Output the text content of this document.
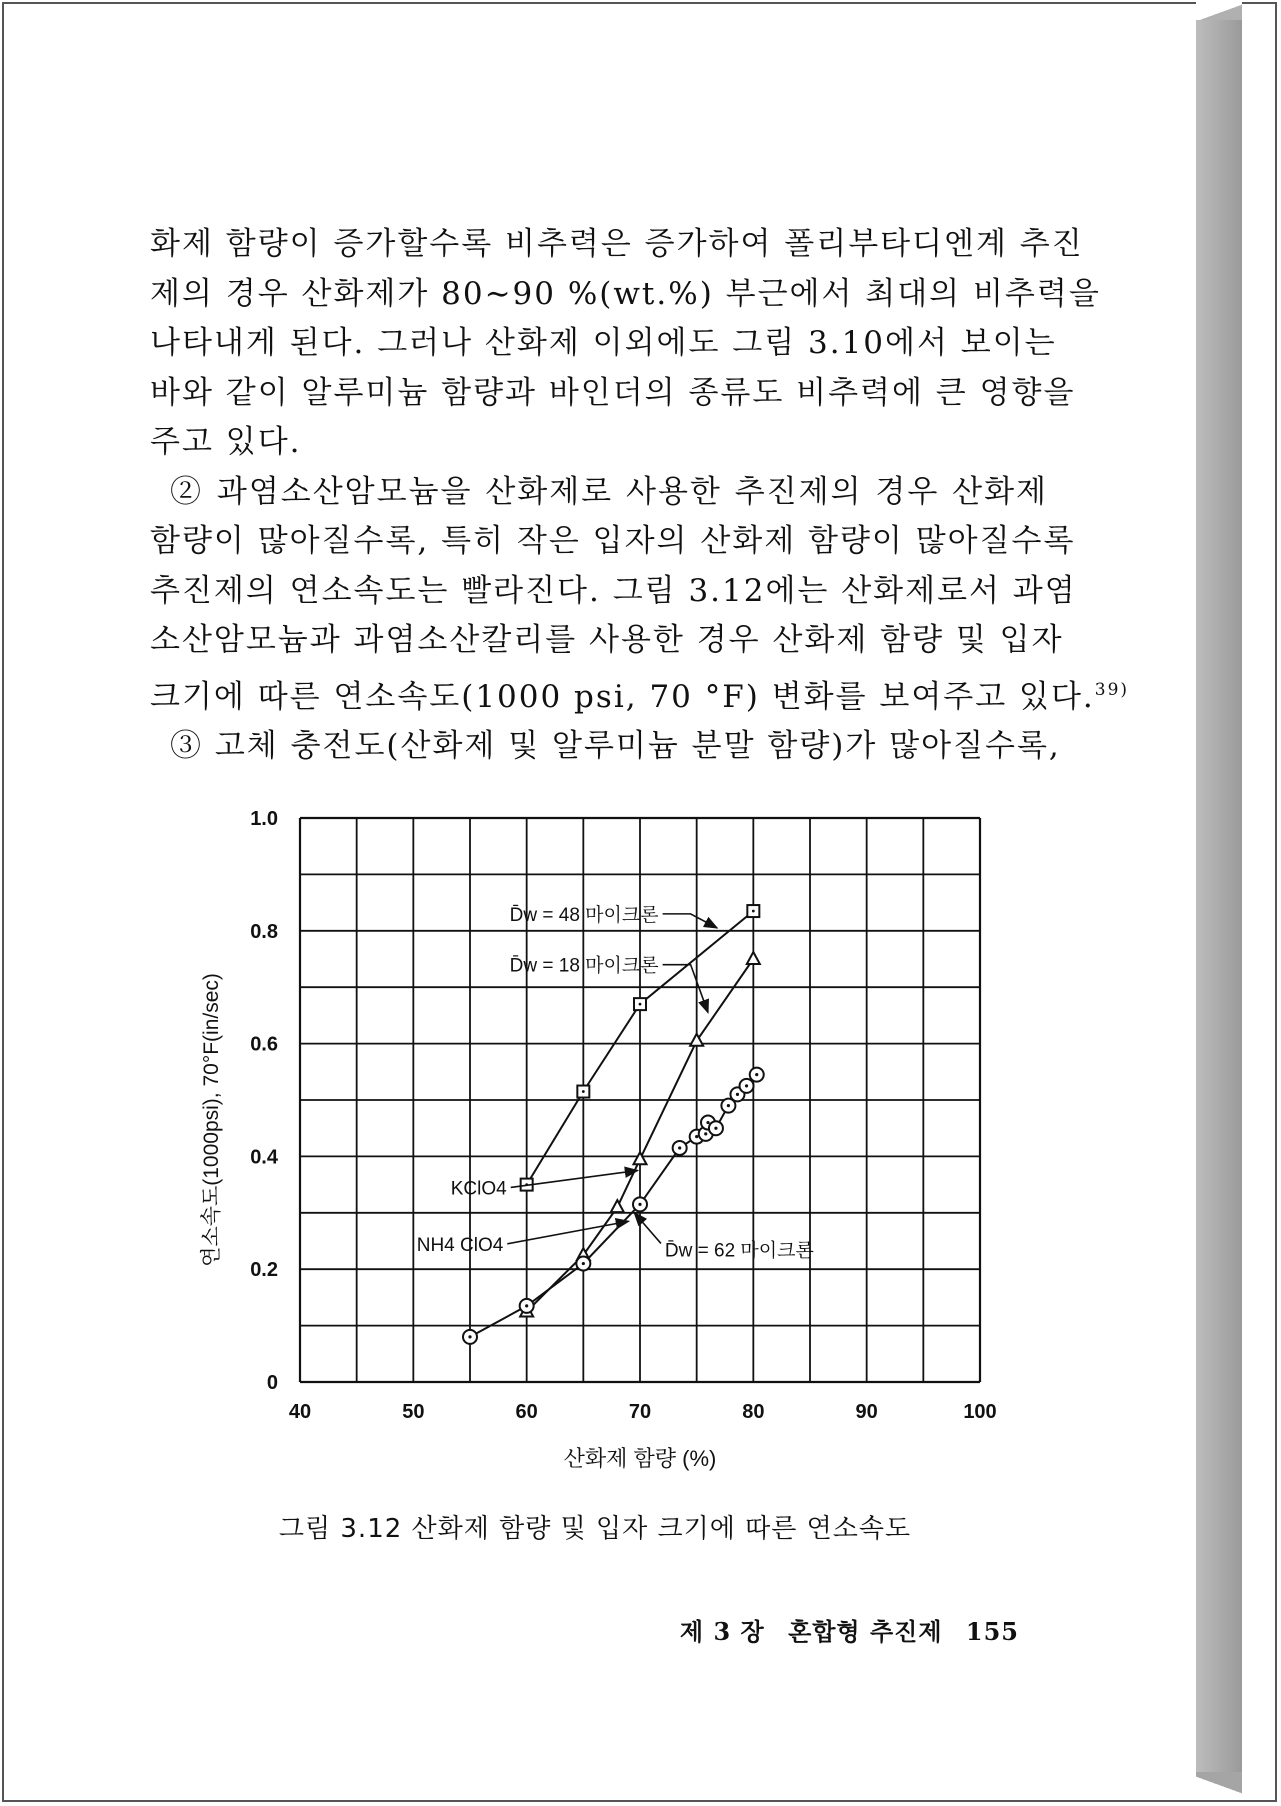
화제 함량이 증가할수록 비추력은 증가하여 폴리부타디엔계 추진
제의 경우 산화제가 80∼90 %(wt.%) 부근에서 최대의 비추력을
나타내게 된다. 그러나 산화제 이외에도 그림 3.10에서 보이는
바와 같이 알루미늄 함량과 바인더의 종류도 비추력에 큰 영향을
주고 있다.
② 과염소산암모늄을 산화제로 사용한 추진제의 경우 산화제
함량이 많아질수록, 특히 작은 입자의 산화제 함량이 많아질수록
추진제의 연소속도는 빨라진다. 그림 3.12에는 산화제로서 과염
소산암모늄과 과염소산칼리를 사용한 경우 산화제 함량 및 입자
크기에 따른 연소속도(1000 psi, 70 °F) 변화를 보여주고 있다.$^{39)}$
③ 고체 충전도(산화제 및 알루미늄 분말 함량)가 많아질수록,
40	50	60	70	80	90	100
0
0.2
0.4
0.6
0.8
1.0
산화제 함량 (%)
연소속도(1000psi), 70°F(in/sec)
D̄w = 48 마이크론
D̄w = 18 마이크론
KClO4
NH4 ClO4	D̄w = 62 마이크론
그림 3.12 산화제 함량 및 입자 크기에 따른 연소속도
제 3 장 혼합형 추진제 155
